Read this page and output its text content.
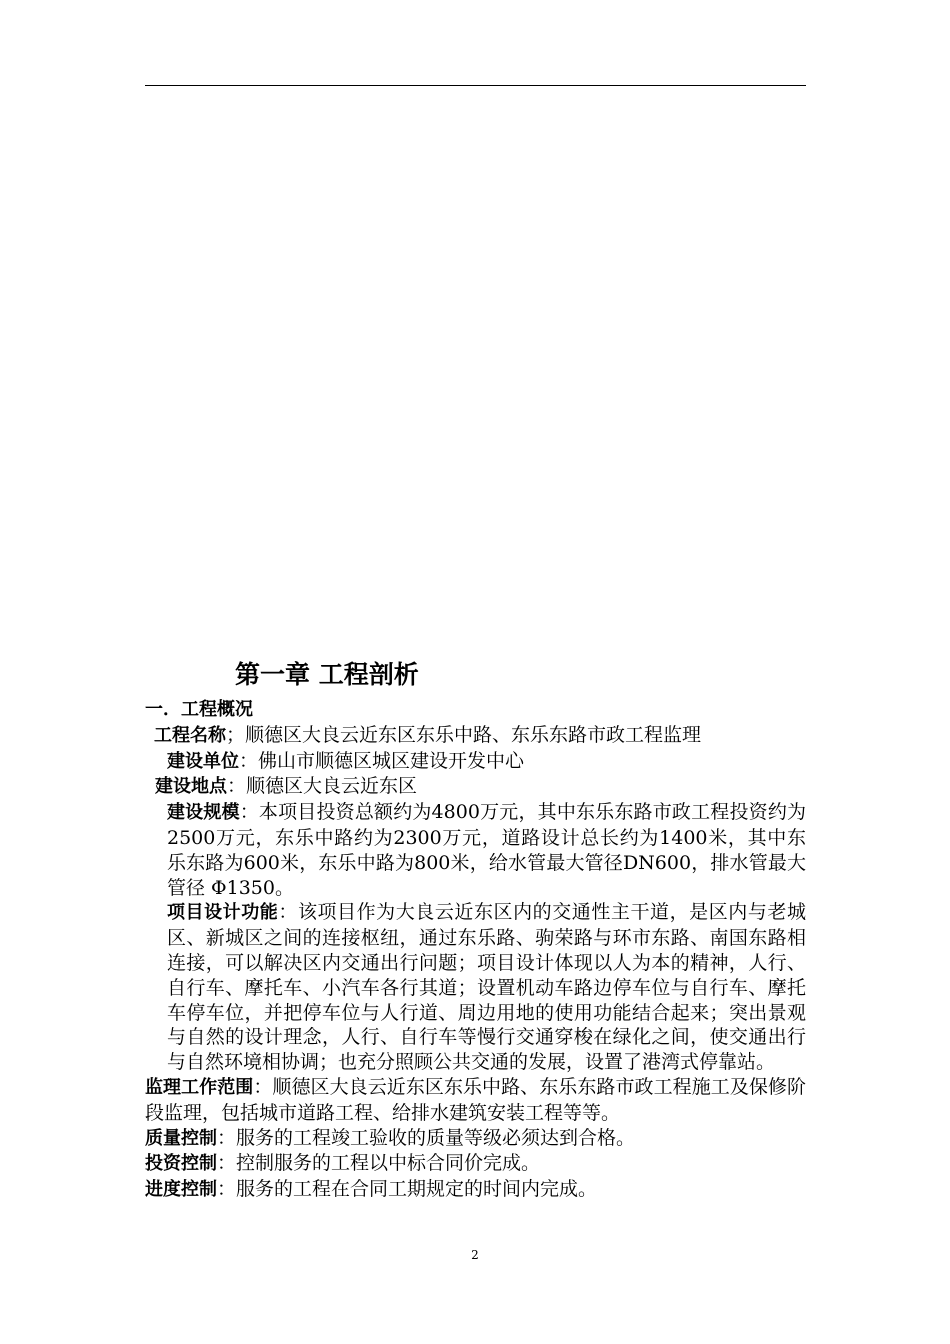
第一章 工程剖析
一．工程概况

工程名称；顺德区大良云近东区东乐中路、东乐东路市政工程监理

建设单位：佛山市顺德区城区建设开发中心

建设地点：顺德区大良云近东区

建设规模：本项目投资总额约为4800万元，其中东乐东路市政工程投资约为2500万元，东乐中路约为2300万元，道路设计总长约为1400米，其中东乐东路为600米，东乐中路为800米，给水管最大管径DN600，排水管最大管径 Φ1350。

项目设计功能：该项目作为大良云近东区内的交通性主干道，是区内与老城区、新城区之间的连接枢纽，通过东乐路、驹荣路与环市东路、南国东路相连接，可以解决区内交通出行问题；项目设计体现以人为本的精神，人行、自行车、摩托车、小汽车各行其道；设置机动车路边停车位与自行车、摩托车停车位，并把停车位与人行道、周边用地的使用功能结合起来；突出景观与自然的设计理念，人行、自行车等慢行交通穿梭在绿化之间，使交通出行与自然环境相协调；也充分照顾公共交通的发展，设置了港湾式停靠站。

监理工作范围：顺德区大良云近东区东乐中路、东乐东路市政工程施工及保修阶段监理，包括城市道路工程、给排水建筑安装工程等等。

质量控制：服务的工程竣工验收的质量等级必须达到合格。

投资控制：控制服务的工程以中标合同价完成。

进度控制：服务的工程在合同工期规定的时间内完成。

2
